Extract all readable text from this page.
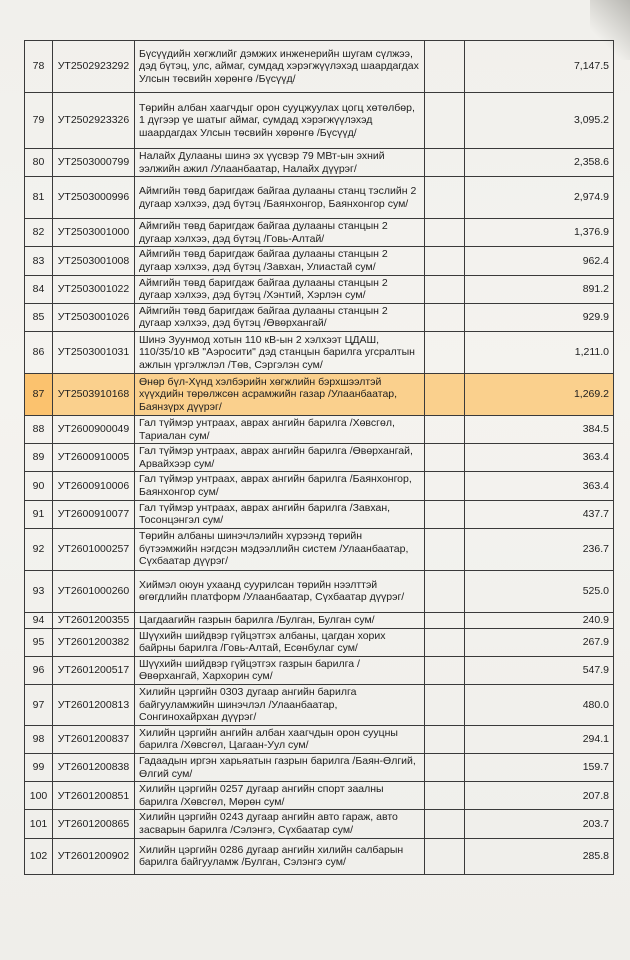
78	УТ2502923292	Бүсүүдийн хөгжлийг дэмжих инженерийн шугам сүлжээ, дэд бүтэц, улс, аймаг, сумдад хэрэгжүүлэхэд шаардагдах Улсын төсвийн хөрөнгө /Бүсүүд/		7,147.5
79	УТ2502923326	Төрийн албан хаагчдыг орон сууцжуулах цогц хөтөлбөр, 1 дүгээр үе шатыг аймаг, сумдад хэрэгжүүлэхэд шаардагдах Улсын төсвийн хөрөнгө /Бүсүүд/		3,095.2
80	УТ2503000799	Налайх Дулааны шинэ эх үүсвэр 79 МВт-ын эхний ээлжийн ажил /Улаанбаатар, Налайх дүүрэг/		2,358.6
81	УТ2503000996	Аймгийн төвд баригдаж байгаа дулааны станц тэслийн 2 дугаар хэлхээ, дэд бүтэц /Баянхонгор, Баянхонгор сум/		2,974.9
82	УТ2503001000	Аймгийн төвд баригдаж байгаа дулааны станцын 2 дугаар хэлхээ, дэд бүтэц /Говь-Алтай/		1,376.9
83	УТ2503001008	Аймгийн төвд баригдаж байгаа дулааны станцын 2 дугаар хэлхээ, дэд бүтэц /Завхан, Улиастай сум/		962.4
84	УТ2503001022	Аймгийн төвд баригдаж байгаа дулааны станцын 2 дугаар хэлхээ, дэд бүтэц /Хэнтий, Хэрлэн сум/		891.2
85	УТ2503001026	Аймгийн төвд баригдаж байгаа дулааны станцын 2 дугаар хэлхээ, дэд бүтэц /Өвөрхангай/		929.9
86	УТ2503001031	Шинэ Зуунмод хотын 110 кВ-ын 2 хэлхээт ЦДАШ, 110/35/10 кВ "Аэросити" дэд станцын барилга угсралтын ажлын үргэлжлэл /Төв, Сэргэлэн сум/		1,211.0
87	УТ2503910168	Өнөр бүл-Хүнд хэлбэрийн хөгжлийн бэрхшээлтэй хүүхдийн төрөлжсөн асрамжийн газар /Улаанбаатар, Баянзүрх дүүрэг/		1,269.2
88	УТ2600900049	Гал түймэр унтраах, аврах ангийн барилга /Хөвсгөл, Тариалан сум/		384.5
89	УТ2600910005	Гал түймэр унтраах, аврах ангийн барилга /Өвөрхангай, Арвайхээр сум/		363.4
90	УТ2600910006	Гал түймэр унтраах, аврах ангийн барилга /Баянхонгор, Баянхонгор сум/		363.4
91	УТ2600910077	Гал түймэр унтраах, аврах ангийн барилга /Завхан, Тосонцэнгэл сум/		437.7
92	УТ2601000257	Төрийн албаны шинэчлэлийн хүрээнд төрийн бүтээмжийн нэгдсэн мэдээллийн систем /Улаанбаатар, Сүхбаатар дүүрэг/		236.7
93	УТ2601000260	Хиймэл оюун ухаанд суурилсан төрийн нээлттэй өгөгдлийн платформ /Улаанбаатар, Сүхбаатар дүүрэг/		525.0
94	УТ2601200355	Цагдаагийн газрын барилга /Булган, Булган сум/		240.9
95	УТ2601200382	Шүүхийн шийдвэр гүйцэтгэх албаны, цагдан хорих байрны барилга /Говь-Алтай, Есөнбулаг сум/		267.9
96	УТ2601200517	Шүүхийн шийдвэр гүйцэтгэх газрын барилга /Өвөрхангай, Хархорин сум/		547.9
97	УТ2601200813	Хилийн цэргийн 0303 дугаар ангийн барилга байгууламжийн шинэчлэл /Улаанбаатар, Сонгинохайрхан дүүрэг/		480.0
98	УТ2601200837	Хилийн цэргийн ангийн албан хаагчдын орон сууцны барилга /Хөвсгөл, Цагаан-Уул сум/		294.1
99	УТ2601200838	Гадаадын иргэн харьяатын газрын барилга /Баян-Өлгий, Өлгий сум/		159.7
100	УТ2601200851	Хилийн цэргийн 0257 дугаар ангийн спорт заалны барилга /Хөвсгөл, Мөрөн сум/		207.8
101	УТ2601200865	Хилийн цэргийн 0243 дугаар ангийн авто гараж, авто засварын барилга /Сэлэнгэ, Сүхбаатар сум/		203.7
102	УТ2601200902	Хилийн цэргийн 0286 дугаар ангийн хилийн салбарын барилга байгууламж /Булган, Сэлэнгэ сум/		285.8
